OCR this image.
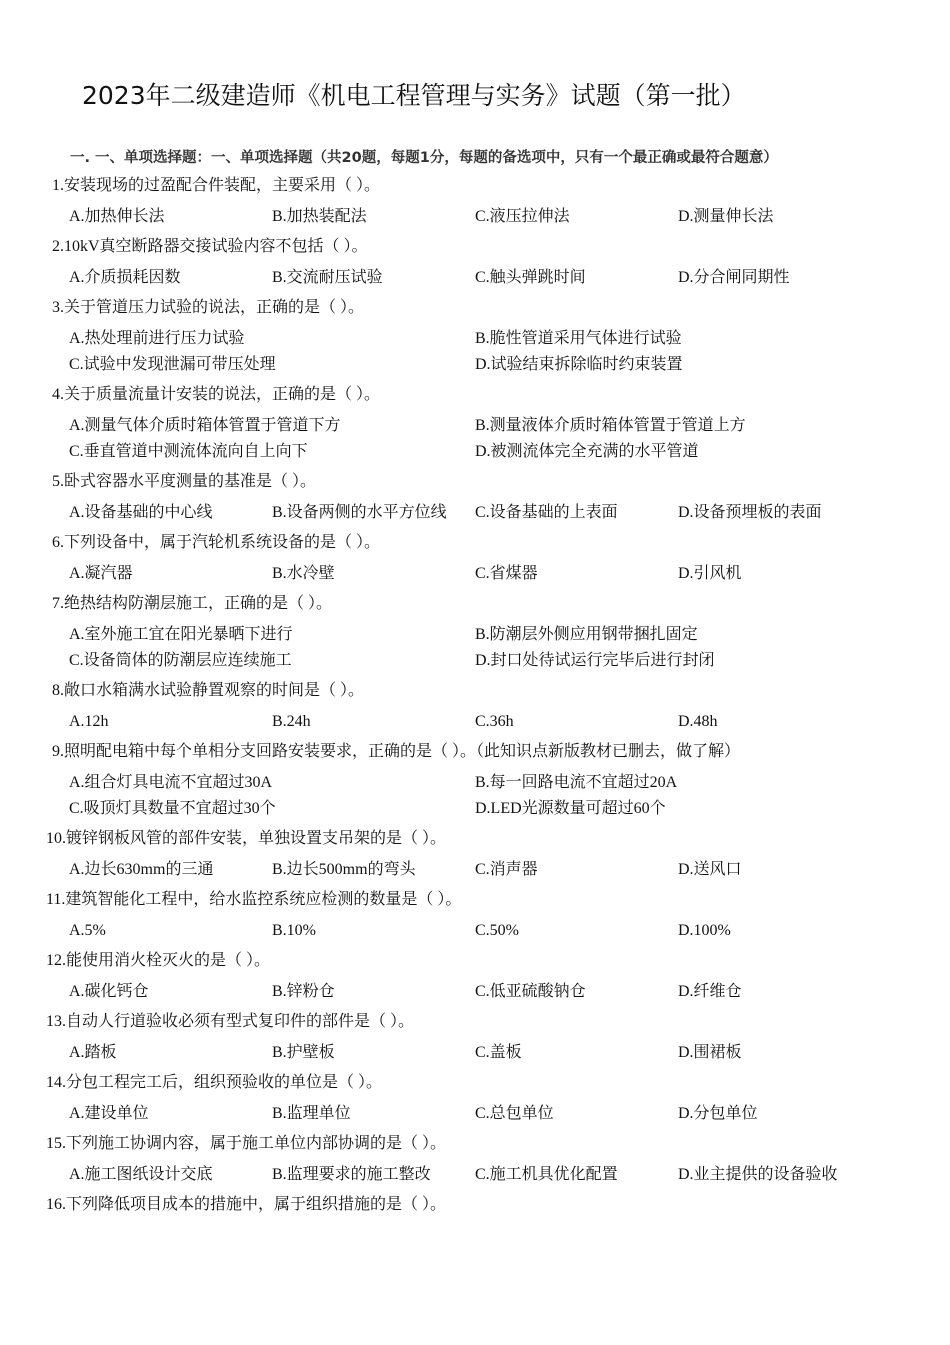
2023年二级建造师《机电工程管理与实务》试题（第一批）
一. 一、单项选择题：一、单项选择题（共20题，每题1分，每题的备选项中，只有一个最正确或最符合题意）
1.安装现场的过盈配合件装配，主要采用（ ）。
A.加热伸长法	B.加热装配法	C.液压拉伸法	D.测量伸长法
2.10kV真空断路器交接试验内容不包括（ ）。
A.介质损耗因数	B.交流耐压试验	C.触头弹跳时间	D.分合闸同期性
3.关于管道压力试验的说法，正确的是（ ）。
A.热处理前进行压力试验	B.脆性管道采用气体进行试验
C.试验中发现泄漏可带压处理	D.试验结束拆除临时约束装置
4.关于质量流量计安装的说法，正确的是（ ）。
A.测量气体介质时箱体管置于管道下方	B.测量液体介质时箱体管置于管道上方
C.垂直管道中测流体流向自上向下	D.被测流体完全充满的水平管道
5.卧式容器水平度测量的基准是（ ）。
A.设备基础的中心线	B.设备两侧的水平方位线 C.设备基础的上表面	D.设备预埋板的表面
6.下列设备中，属于汽轮机系统设备的是（ ）。
A.凝汽器	B.水冷壁	C.省煤器	D.引风机
7.绝热结构防潮层施工，正确的是（ ）。
A.室外施工宜在阳光暴晒下进行	B.防潮层外侧应用钢带捆扎固定
C.设备筒体的防潮层应连续施工	D.封口处待试运行完毕后进行封闭
8.敞口水箱满水试验静置观察的时间是（ ）。
A.12h	B.24h	C.36h	D.48h
9.照明配电箱中每个单相分支回路安装要求，正确的是（ ）。（此知识点新版教材已删去，做了解）
A.组合灯具电流不宜超过30A	B.每一回路电流不宜超过20A
C.吸顶灯具数量不宜超过30个	D.LED光源数量可超过60个
10.镀锌钢板风管的部件安装，单独设置支吊架的是（ ）。
A.边长630mm的三通	B.边长500mm的弯头	C.消声器	D.送风口
11.建筑智能化工程中，给水监控系统应检测的数量是（ ）。
A.5%	B.10%	C.50%	D.100%
12.能使用消火栓灭火的是（ ）。
A.碳化钙仓	B.锌粉仓	C.低亚硫酸钠仓	D.纤维仓
13.自动人行道验收必须有型式复印件的部件是（ ）。
A.踏板	B.护壁板	C.盖板	D.围裙板
14.分包工程完工后，组织预验收的单位是（ ）。
A.建设单位	B.监理单位	C.总包单位	D.分包单位
15.下列施工协调内容，属于施工单位内部协调的是（ ）。
A.施工图纸设计交底	B.监理要求的施工整改	C.施工机具优化配置	D.业主提供的设备验收
16.下列降低项目成本的措施中，属于组织措施的是（ ）。
